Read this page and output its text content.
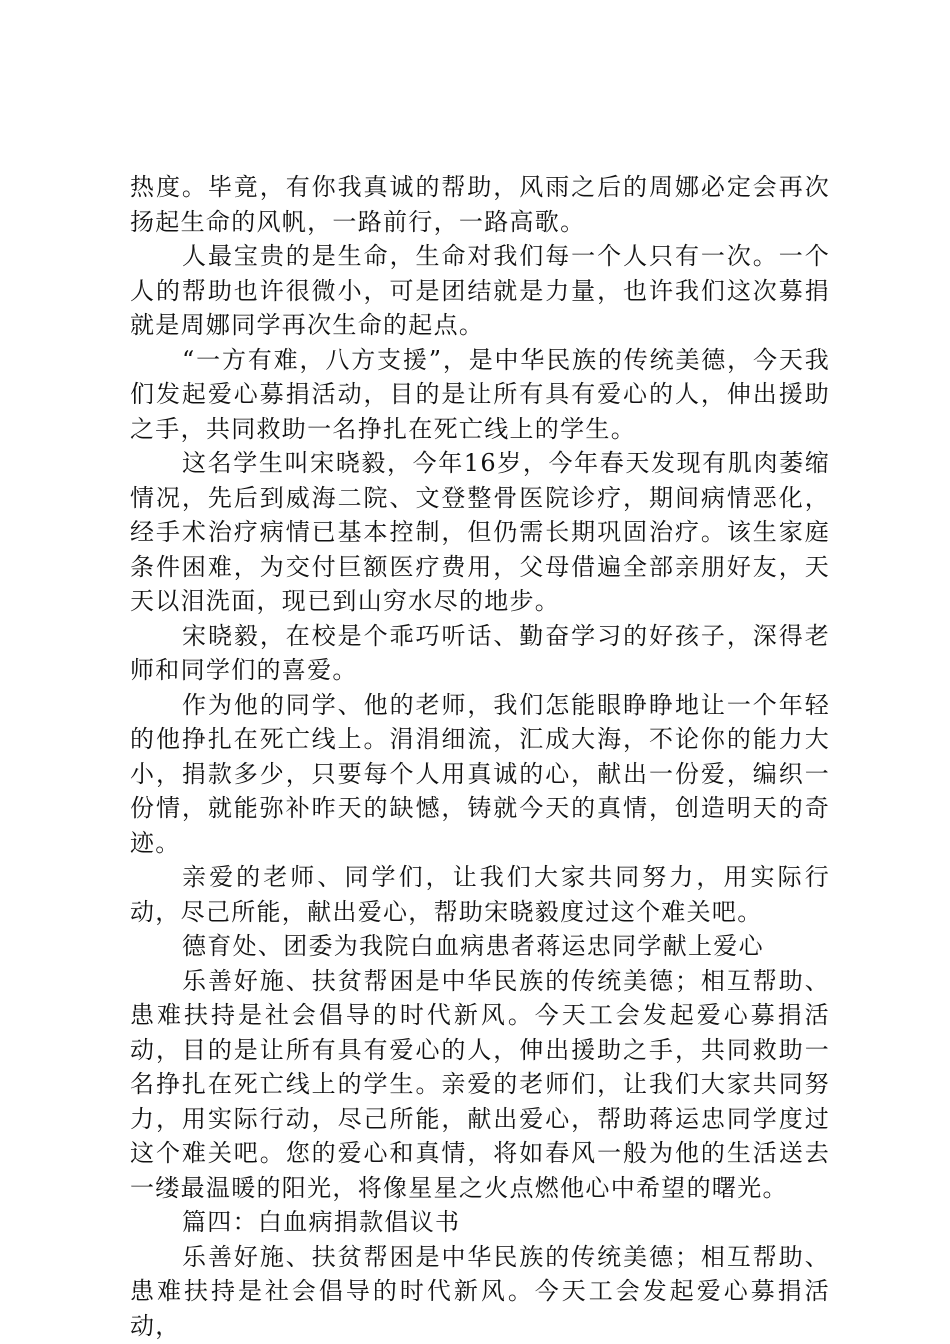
热度。毕竟，有你我真诚的帮助，风雨之后的周娜必定会再次扬起生命的风帆，一路前行，一路高歌。

人最宝贵的是生命，生命对我们每一个人只有一次。一个人的帮助也许很微小，可是团结就是力量，也许我们这次募捐就是周娜同学再次生命的起点。

“一方有难，八方支援”，是中华民族的传统美德，今天我们发起爱心募捐活动，目的是让所有具有爱心的人，伸出援助之手，共同救助一名挣扎在死亡线上的学生。

这名学生叫宋晓毅，今年16岁，今年春天发现有肌肉萎缩情况，先后到威海二院、文登整骨医院诊疗，期间病情恶化，经手术治疗病情已基本控制，但仍需长期巩固治疗。该生家庭条件困难，为交付巨额医疗费用，父母借遍全部亲朋好友，天天以泪洗面，现已到山穷水尽的地步。

宋晓毅，在校是个乖巧听话、勤奋学习的好孩子，深得老师和同学们的喜爱。

作为他的同学、他的老师，我们怎能眼睁睁地让一个年轻的他挣扎在死亡线上。涓涓细流，汇成大海，不论你的能力大小，捐款多少，只要每个人用真诚的心，献出一份爱，编织一份情，就能弥补昨天的缺憾，铸就今天的真情，创造明天的奇迹。

亲爱的老师、同学们，让我们大家共同努力，用实际行动，尽己所能，献出爱心，帮助宋晓毅度过这个难关吧。

德育处、团委为我院白血病患者蒋运忠同学献上爱心

乐善好施、扶贫帮困是中华民族的传统美德；相互帮助、患难扶持是社会倡导的时代新风。今天工会发起爱心募捐活动，目的是让所有具有爱心的人，伸出援助之手，共同救助一名挣扎在死亡线上的学生。亲爱的老师们，让我们大家共同努力，用实际行动，尽己所能，献出爱心，帮助蒋运忠同学度过这个难关吧。您的爱心和真情，将如春风一般为他的生活送去一缕最温暖的阳光，将像星星之火点燃他心中希望的曙光。

篇四：白血病捐款倡议书

乐善好施、扶贫帮困是中华民族的传统美德；相互帮助、患难扶持是社会倡导的时代新风。今天工会发起爱心募捐活动，
